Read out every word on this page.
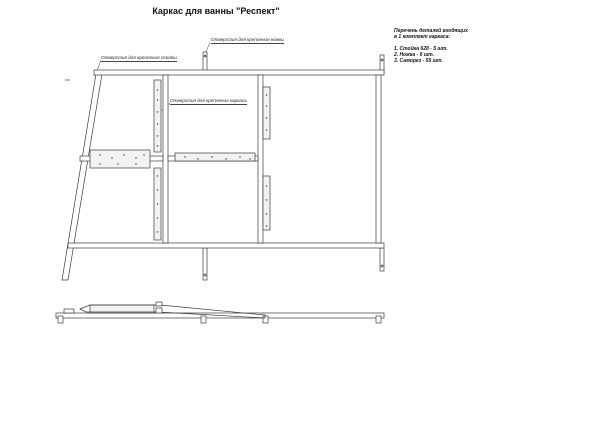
Каркас для ванны "Респект"
Перечень деталей входящих
в 1 комплект каркаса:
1. Стойка 628 - 5 шт.
2. Ножка - 6 шт.
3. Саморез - 55 шт.
Отверстия для крепления ножки
Отверстия для крепления стойки
Отверстия для крепления каркаса
